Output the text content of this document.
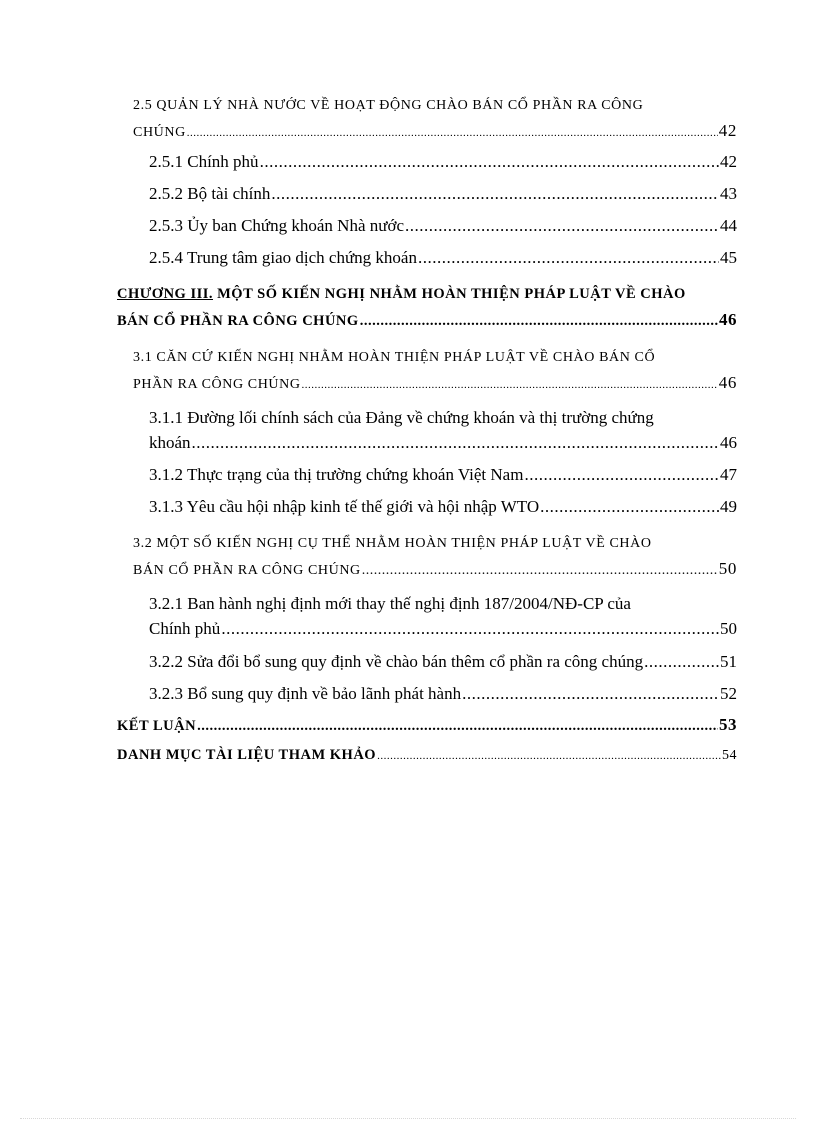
2.5 QUẢN LÝ NHÀ NƯỚC VỀ HOẠT ĐỘNG CHÀO BÁN CỔ PHẦN RA CÔNG
CHÚNG .....	42
2.5.1 Chính phủ .....	42
2.5.2 Bộ tài chính .....	43
2.5.3 Ủy ban Chứng khoán Nhà nước .....	44
2.5.4 Trung tâm giao dịch chứng khoán .....	45
CHƯƠNG III. MỘT SỐ KIẾN NGHỊ NHẰM HOÀN THIỆN PHÁP LUẬT VỀ CHÀO
BÁN CỔ PHẦN RA CÔNG CHÚNG .....	46
3.1 CĂN CỨ KIẾN NGHỊ NHẰM HOÀN THIỆN PHÁP LUẬT VỀ CHÀO BÁN CỔ
PHẦN RA CÔNG CHÚNG .....	46
3.1.1 Đường lối chính sách của Đảng về chứng khoán và thị trường chứng
khoán .....	46
3.1.2 Thực trạng của thị trường chứng khoán Việt Nam .....	47
3.1.3 Yêu cầu hội nhập kinh tế thế giới và hội nhập WTO .....	49
3.2 MỘT SỐ KIẾN NGHỊ CỤ THỂ NHẰM HOÀN THIỆN PHÁP LUẬT VỀ CHÀO
BÁN CỔ PHẦN RA CÔNG CHÚNG .....	50
3.2.1 Ban hành nghị định mới thay thế nghị định 187/2004/NĐ-CP của
Chính phủ .....	50
3.2.2 Sửa đổi bổ sung quy định về chào bán thêm cổ phần ra công chúng .....	51
3.2.3 Bổ sung quy định về bảo lãnh phát hành .....	52
KẾT LUẬN .....	53
DANH MỤC TÀI LIỆU THAM KHẢO .....	54
